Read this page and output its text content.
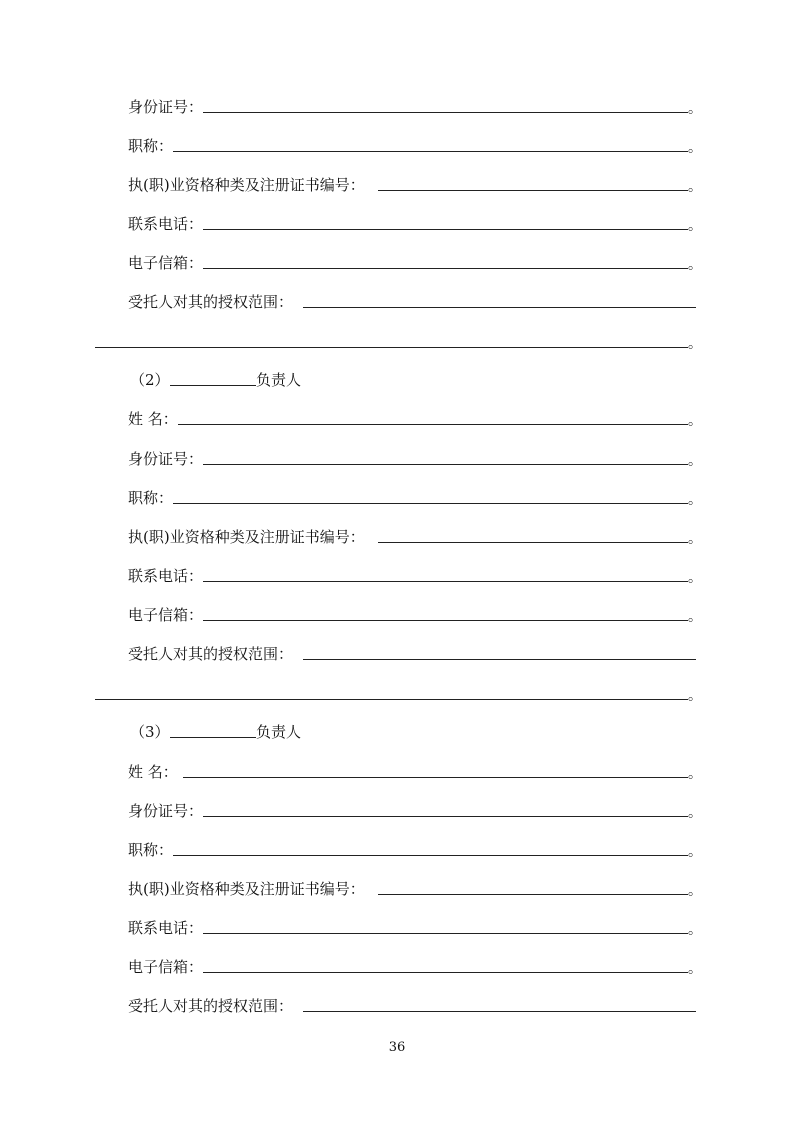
身份证号：	。
职称：	。
执(职)业资格种类及注册证书编号：	。
联系电话：	。
电子信箱：	。
受托人对其的授权范围：
。
（2）	负责人
姓 名：	。
身份证号：	。
职称：	。
执(职)业资格种类及注册证书编号：	。
联系电话：	。
电子信箱：	。
受托人对其的授权范围：
。
（3）	负责人
姓 名：	。
身份证号：	。
职称：	。
执(职)业资格种类及注册证书编号：	。
联系电话：	。
电子信箱：	。
受托人对其的授权范围：
36
